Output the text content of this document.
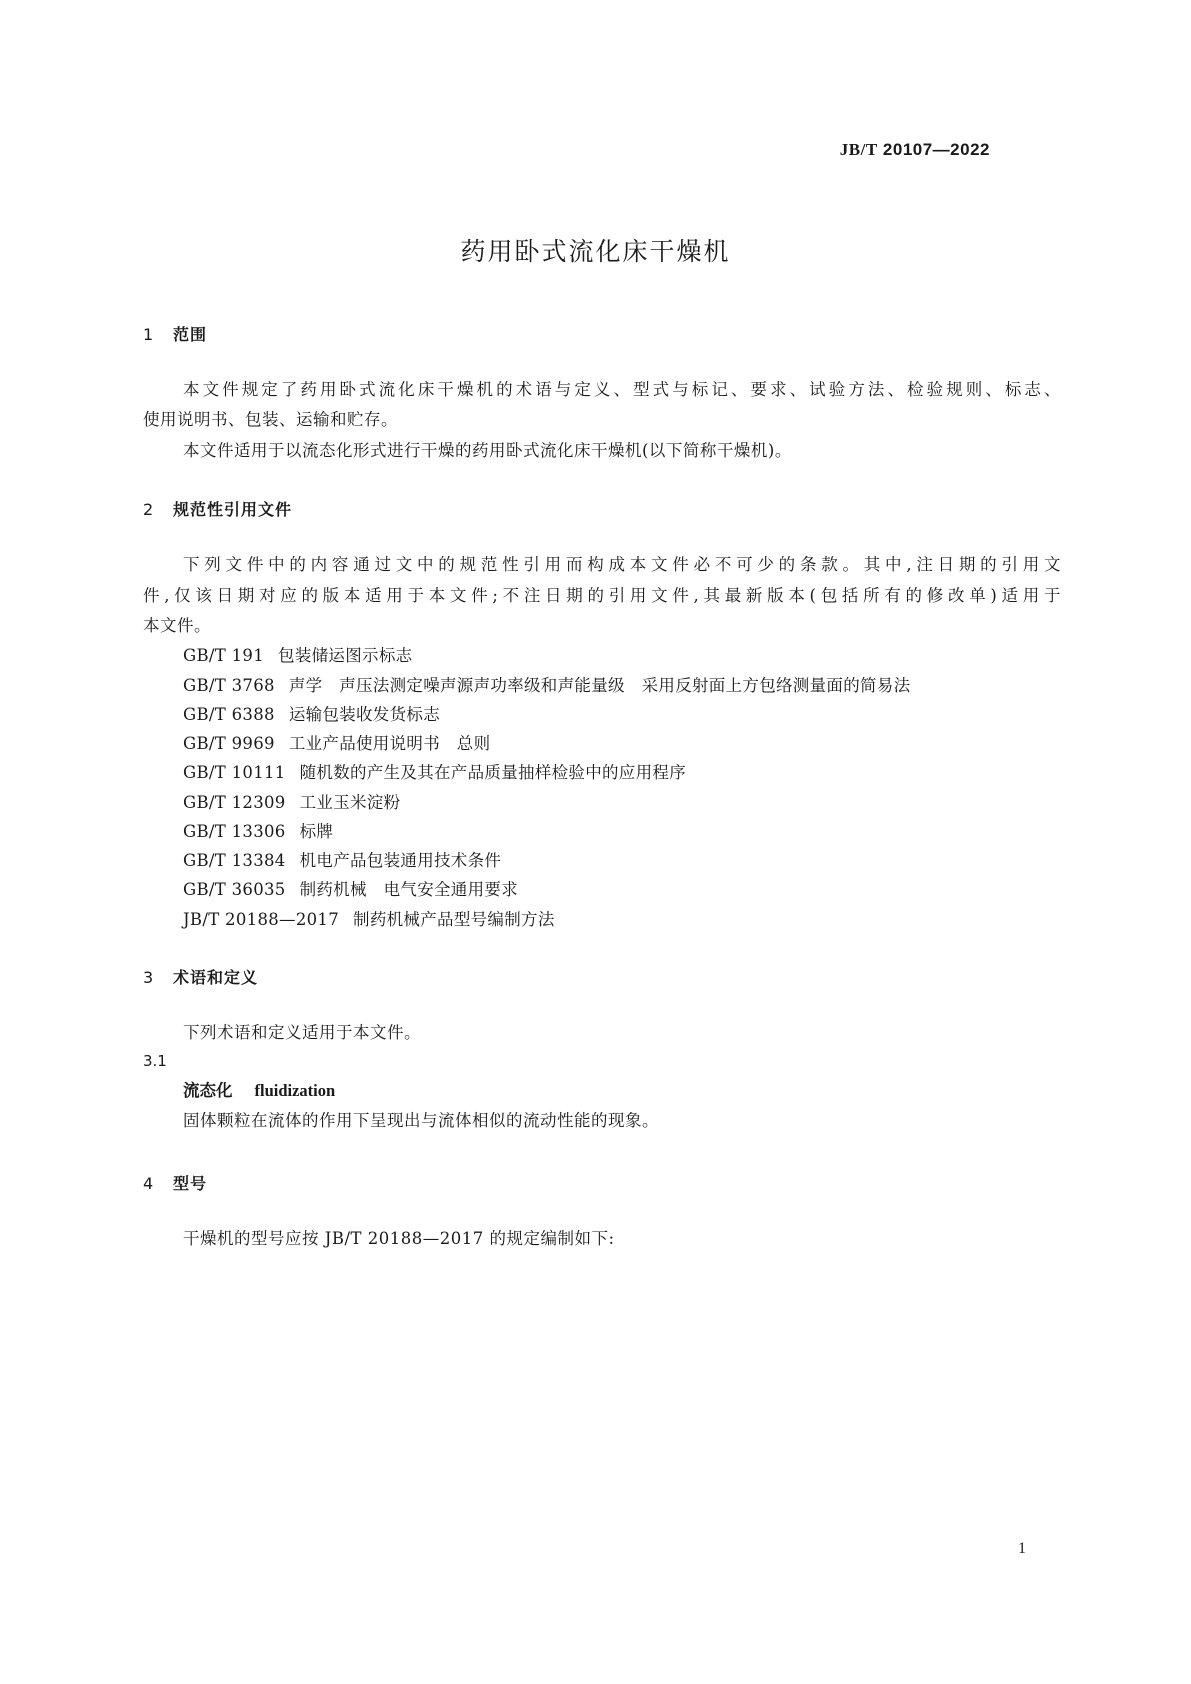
JB/T 20107—2022
药用卧式流化床干燥机
1 范围
本文件规定了药用卧式流化床干燥机的术语与定义、型式与标记、要求、试验方法、检验规则、标志、
使用说明书、包装、运输和贮存。
本文件适用于以流态化形式进行干燥的药用卧式流化床干燥机(以下简称干燥机)。
2 规范性引用文件
下列文件中的内容通过文中的规范性引用而构成本文件必不可少的条款。其中,注日期的引用文
件,仅该日期对应的版本适用于本文件;不注日期的引用文件,其最新版本(包括所有的修改单)适用于
本文件。
GB/T 191 包装储运图示标志
GB/T 3768 声学　声压法测定噪声源声功率级和声能量级　采用反射面上方包络测量面的简易法
GB/T 6388 运输包装收发货标志
GB/T 9969 工业产品使用说明书　总则
GB/T 10111 随机数的产生及其在产品质量抽样检验中的应用程序
GB/T 12309 工业玉米淀粉
GB/T 13306 标牌
GB/T 13384 机电产品包装通用技术条件
GB/T 36035 制药机械　电气安全通用要求
JB/T 20188—2017 制药机械产品型号编制方法
3 术语和定义
下列术语和定义适用于本文件。
3.1
流态化 fluidization
固体颗粒在流体的作用下呈现出与流体相似的流动性能的现象。
4 型号
干燥机的型号应按 JB/T 20188—2017 的规定编制如下:
1
